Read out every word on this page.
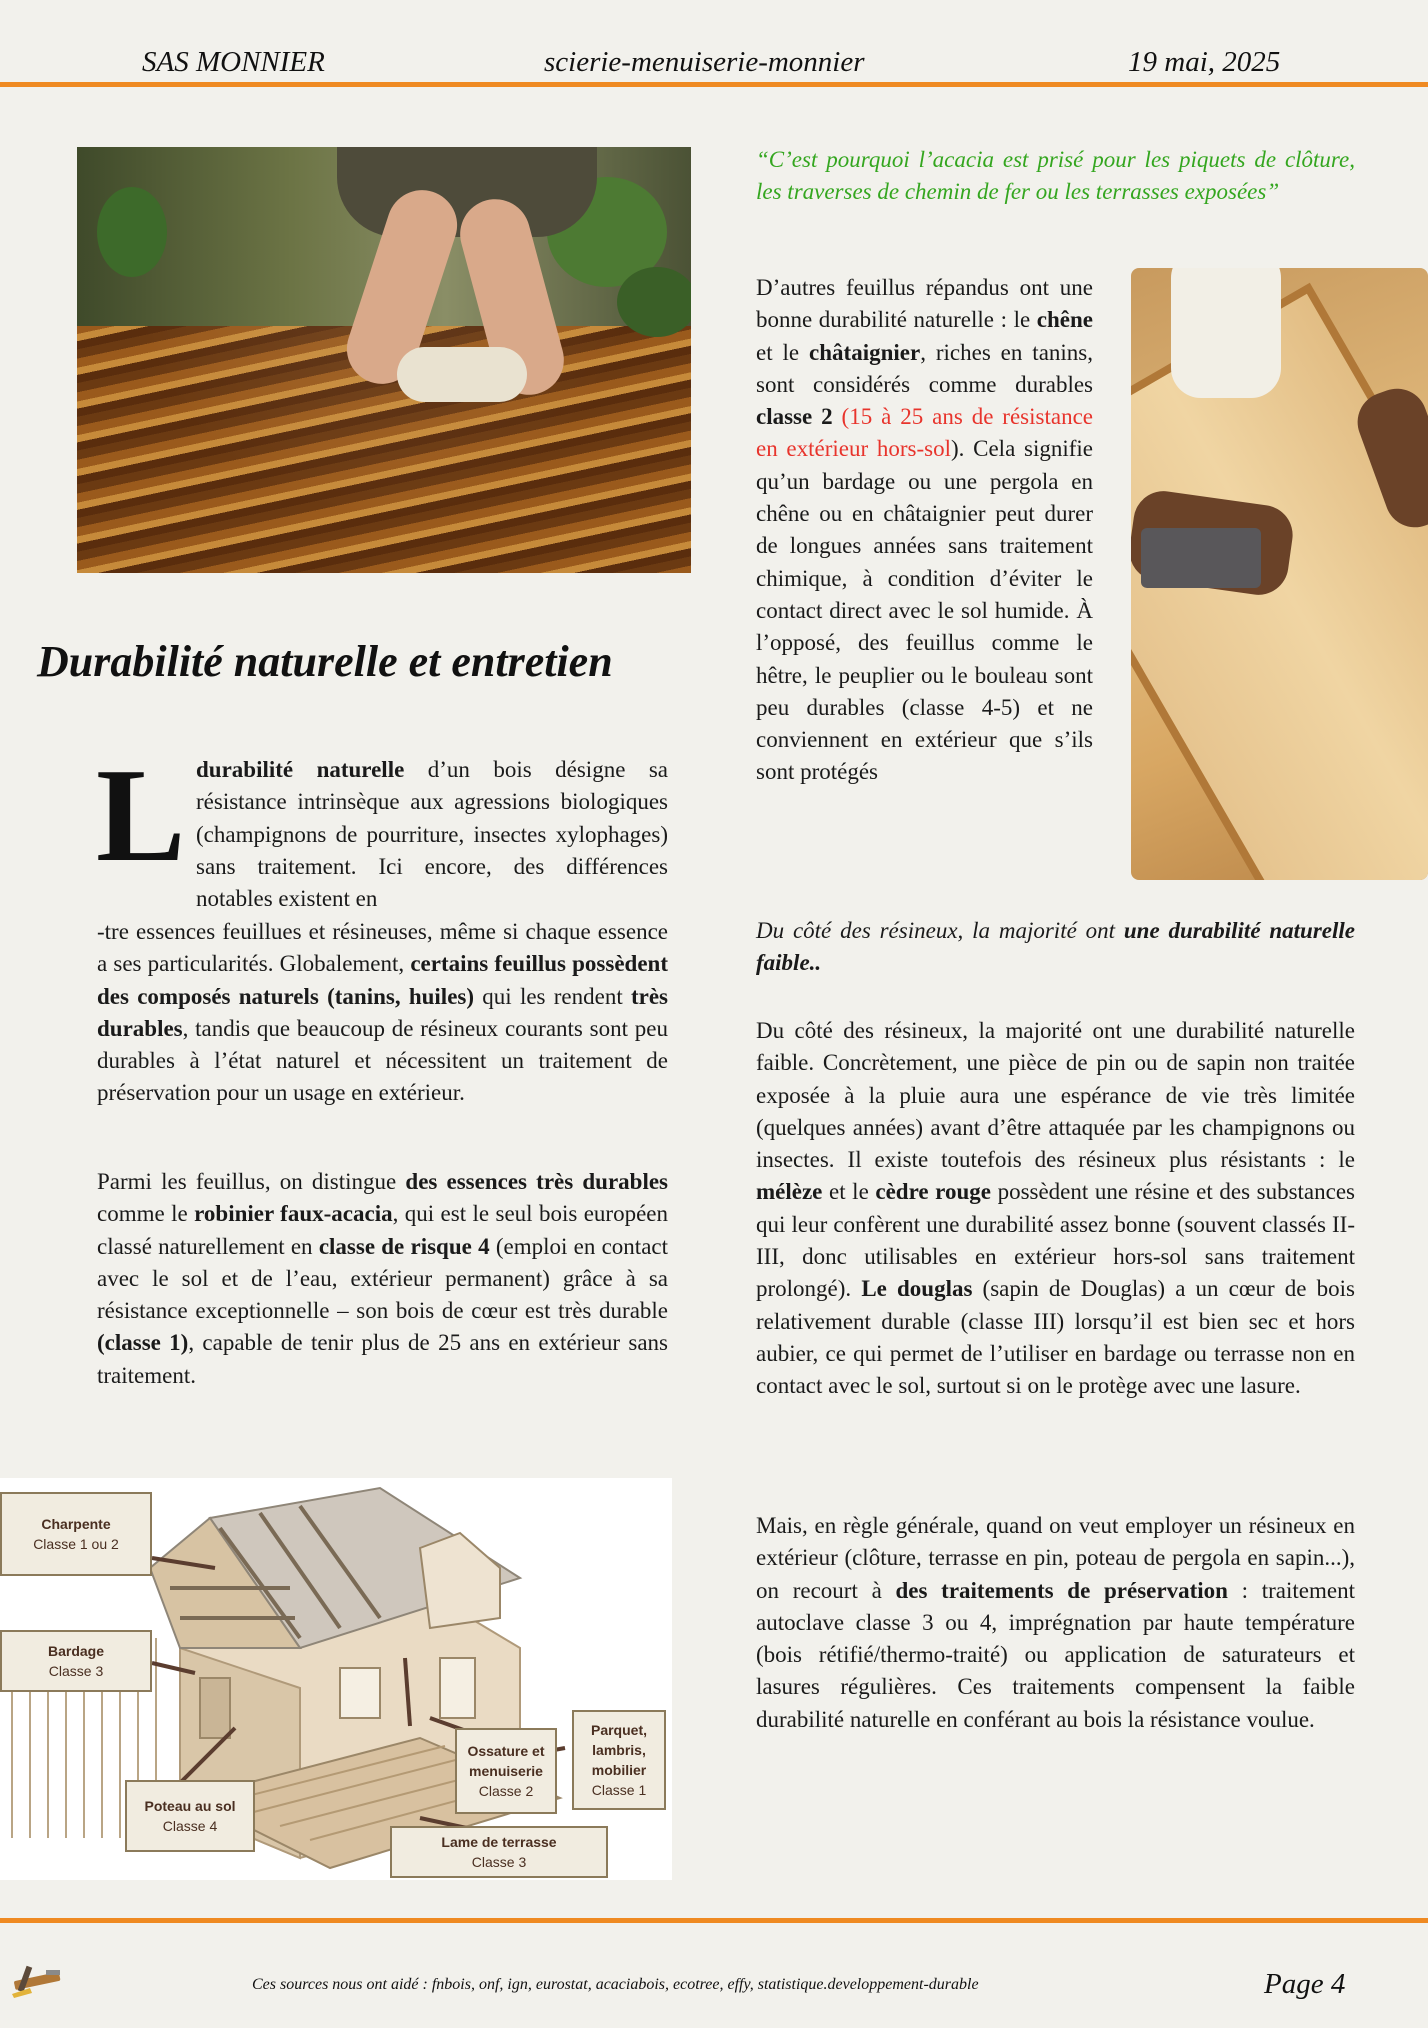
SAS MONNIER	scierie-menuiserie-monnier	19 mai, 2025
“C’est pourquoi l’acacia est prisé pour les piquets de clôture, les traverses de chemin de fer ou les terrasses exposées”

D’autres feuillus répandus ont une bonne durabilité naturelle : le chêne et le châtaignier, riches en tanins, sont considérés comme durables classe 2 (15 à 25 ans de résistance en extérieur hors-sol). Cela signifie qu’un bardage ou une pergola en chêne ou en châtaignier peut durer de longues années sans traitement chimique, à condition d’éviter le contact direct avec le sol humide. À l’opposé, des feuillus comme le hêtre, le peuplier ou le bouleau sont peu durables (classe 4-5) et ne conviennent en extérieur que s’ils sont protégés

Durabilité naturelle et entretien
L durabilité naturelle d’un bois désigne sa résistance intrinsèque aux agressions biologiques (champignons de pourriture, insectes xylophages) sans traitement. Ici encore, des différences notables existent en

-tre essences feuillues et résineuses, même si chaque essence a ses particularités. Globalement, certains feuillus possèdent des composés naturels (tanins, huiles) qui les rendent très durables, tandis que beaucoup de résineux courants sont peu durables à l’état naturel et nécessitent un traitement de préservation pour un usage en extérieur.

Parmi les feuillus, on distingue des essences très durables comme le robinier faux-acacia, qui est le seul bois européen classé naturellement en classe de risque 4 (emploi en contact avec le sol et de l’eau, extérieur permanent) grâce à sa résistance exceptionnelle – son bois de cœur est très durable (classe 1), capable de tenir plus de 25 ans en extérieur sans traitement.

Du côté des résineux, la majorité ont une durabilité naturelle faible..

Du côté des résineux, la majorité ont une durabilité naturelle faible. Concrètement, une pièce de pin ou de sapin non traitée exposée à la pluie aura une espérance de vie très limitée (quelques années) avant d’être attaquée par les champignons ou insectes. Il existe toutefois des résineux plus résistants : le mélèze et le cèdre rouge possèdent une résine et des substances qui leur confèrent une durabilité assez bonne (souvent classés II-III, donc utilisables en extérieur hors-sol sans traitement prolongé). Le douglas (sapin de Douglas) a un cœur de bois relativement durable (classe III) lorsqu’il est bien sec et hors aubier, ce qui permet de l’utiliser en bardage ou terrasse non en contact avec le sol, surtout si on le protège avec une lasure.

Mais, en règle générale, quand on veut employer un résineux en extérieur (clôture, terrasse en pin, poteau de pergola en sapin...), on recourt à des traitements de préservation : traitement autoclave classe 3 ou 4, imprégnation par haute température (bois rétifié/thermo-traité) ou application de saturateurs et lasures régulières. Ces traitements compensent la faible durabilité naturelle en conférant au bois la résistance voulue.

Charpente
Classe 1 ou 2
Bardage
Classe 3
Poteau au sol
Classe 4
Ossature et
menuiserie
Classe 2
Parquet,
lambris,
mobilier
Classe 1
Lame de terrasse
Classe 3
Ces sources nous ont aidé : fnbois, onf, ign, eurostat, acaciabois, ecotree, effy, statistique.developpement-durable	Page 4
